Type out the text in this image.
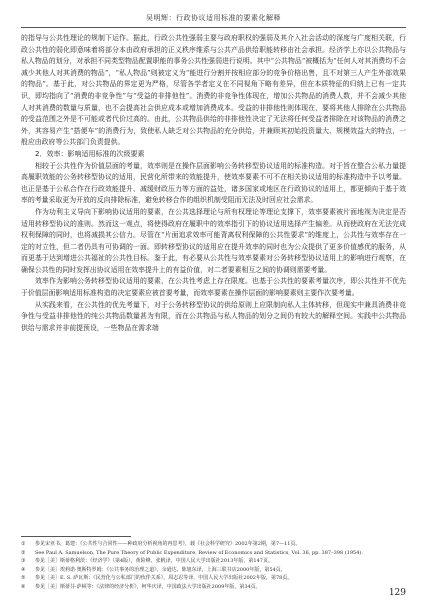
吴明辉：行政协议适用标准的要素化解释

的指导与公共性理论的规制下运作。据此，行政公共性强弱主要与政府职权的强弱及其介入社会活动的深度与广度相关联，行政公共性的弱化即意味着将部分本由政府承担的正义秩序维系与公共产品供给职能转移由社会承担。经济学上亦以公共物品与私人物品的划分，对承担不同类型物品配置职能的事务公共性强弱进行说明。其中“公共物品”被概括为“任何人对其消费均不会减少其他人对其消费的物品”，“私人物品”则被定义为“能进行分割并按相应部分的竞争价格出售，且不对第三人产生外部效果的物品”。基于此，对公共物品的界定更为严格，尽管各学者定义在不同视角下略有差异，但在本质特征的归纳上已有一定共识，即均指向了“消费的非竞争性”与“受益的非排他性”。消费的非竞争性体现在，增加公共物品的消费人数，并不会减少其他人对其消费的数量与质量，也不会提高社会供应成本或增加消费成本。受益的非排他性则体现在，要将其他人排除在公共物品的受益范围之外是不可能或者代价过高的。由此，公共物品供给的非排他性决定了无法将任何受益者排除在对该物品的消费之外，其容易产生“搭便车”的消费行为，致使私人缺乏对公共物品的充分供给，并兼顾其初始投资量大、规模效益大的特点，一般应由政府等公共部门负责提供。

2．效率：影响适用标准的次级要素

相较于公共性作为价值层面的考量，效率则是在操作层面影响公务转移型协议适用的标准构造。对于旨在整合公私力量提高履职效能的公务转移型协议的适用，民营化所带来的效能提升，使效率要素不可不在相关协议适用的标准构造中予以考量。也正是基于公私合作在行政效能提升、减缓财政压力等方面的益处，诸多国家或地区在行政协议的适用上，都更倾向于基于效率的考量采取更为开放的反向排除标准，避免转移合作的组织机制受阻而无法及时回应社会需求。

作为功利主义导向下影响协议适用的要素，在公共选择理论与所有权理论等理论支撑下，效率要素被片面地视为决定是否适用转移型协议的准则。然而这一观点，将使得政府在履职中的效率指引下的协议适用选择产生偏差。从而使政府在无法完成权利保障的同时，也将减损其公信力。尽管在“片面追求效率可能背离权利保障的公共性要求”的维度上，公共性与效率存在一定的对立性，但二者仍具有可协调的一面。即转移型协议的适用应在提升效率的同时也为公众提供了更多价值感优的服务，从而更基于达到增进公共福祉的公共性目标。鉴于此，有必要从公共性与效率要素对公务转移型协议适用上的影响进行观察，在确保公共性的同时发挥出协议适用在效率提升上的有益价值，对二者要素相互之间的协调则需要考量。

效率作为影响公务转移型协议适用的要素，在公共性考虑上存在限度。也基于公共性的要素考量次序，即公共性并不优先于价值层面影响适用标准构造的决定要素应被首要考量，而效率要素在操作层面的影响要素则主要作次要考量。

从实践来看，在公共性的优先考量下，对于公务转移型协议的供给原则上应限制向私人主体转移，但现实中兼具消费非竞争性与受益非排他性的纯公共物品数量甚为有限，而在公共物品与私人物品的划分之间仍有较大的解释空间。实践中公共物品供给与需求并非前提预设，一些物品在需求端

① 参见宋亚书、葛建：《公共性与合同性——种政府分析视角的再思考》，载《社会科学研究》2002年第2期，第7—11页。

② See Paul A. Samuelson, The Pure Theory of Public Expenditure, Review of Economics and Statistics, Vol. 36, pp. 387–398 (1954).

③ 参见［美］斯蒂格利茨：《经济学》（第4版），黄险峰、张帆译，中国人民大学出版社2013年版，第147页。

④ 参见［美］埃莉诺·奥斯特罗姆：《公共事务的治理之道》，余逊达、陈旭东译，上海三联书店2000年版，第54页。

⑤ 参见［美］E. S. 萨瓦斯：《民营化与公私部门的伙伴关系》，周志忍等译，中国人民大学出版社2002年版，第78页。

⑥ 参见［美］斯蒂芬·萨顿等：《法律的经济分析》，柯华庆译，中国政法大学出版社2009年版，第34页。

129
